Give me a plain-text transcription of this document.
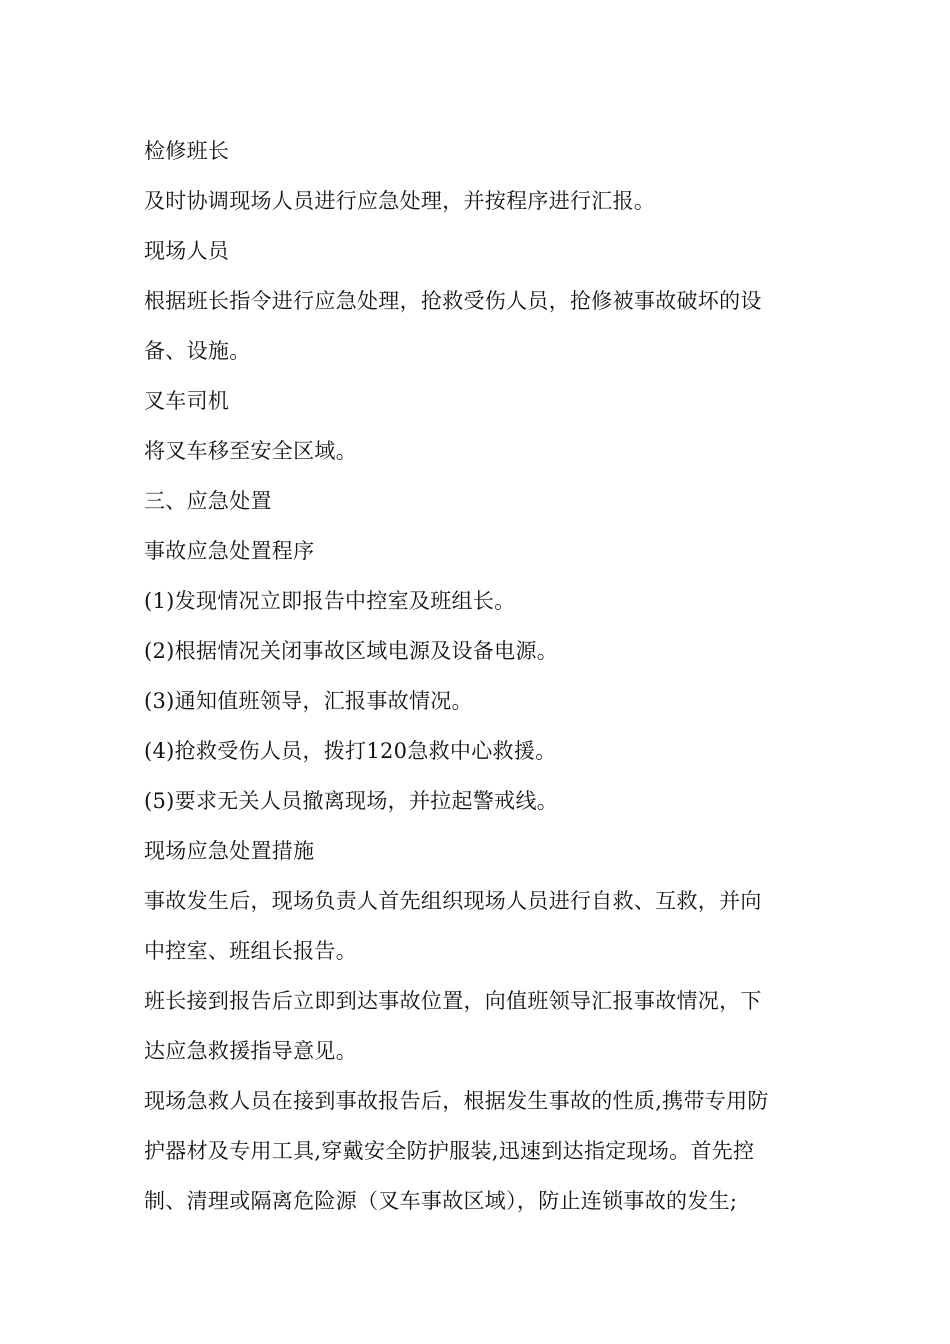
检修班长
及时协调现场人员进行应急处理，并按程序进行汇报。
现场人员
根据班长指令进行应急处理，抢救受伤人员，抢修被事故破坏的设
备、设施。
叉车司机
将叉车移至安全区域。
三、应急处置
事故应急处置程序
(1)发现情况立即报告中控室及班组长。
(2)根据情况关闭事故区域电源及设备电源。
(3)通知值班领导，汇报事故情况。
(4)抢救受伤人员，拨打120急救中心救援。
(5)要求无关人员撤离现场，并拉起警戒线。
现场应急处置措施
事故发生后，现场负责人首先组织现场人员进行自救、互救，并向
中控室、班组长报告。
班长接到报告后立即到达事故位置，向值班领导汇报事故情况，下
达应急救援指导意见。
现场急救人员在接到事故报告后，根据发生事故的性质,携带专用防
护器材及专用工具,穿戴安全防护服装,迅速到达指定现场。首先控
制、清理或隔离危险源（叉车事故区域），防止连锁事故的发生;
